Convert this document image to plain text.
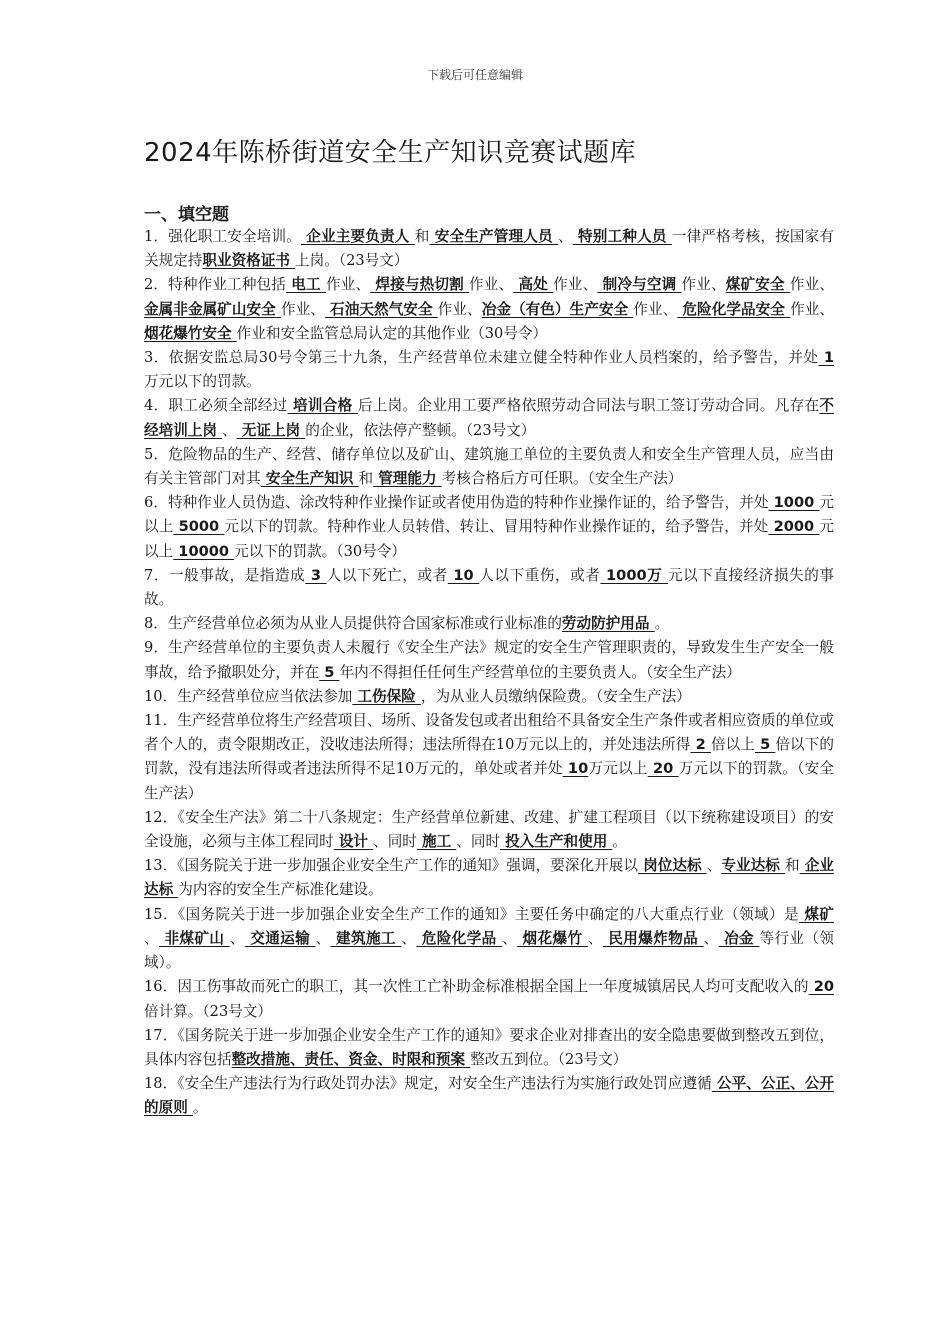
下载后可任意编辑
2024年陈桥街道安全生产知识竞赛试题库
一、填空题

1．强化职工安全培训。 企业主要负责人 和 安全生产管理人员 、 特别工种人员 一律严格考核，按国家有关规定持职业资格证书 上岗。（23号文）

2．特种作业工种包括 电工 作业、 焊接与热切割 作业、 高处 作业、 制冷与空调 作业、煤矿安全 作业、 金属非金属矿山安全 作业、 石油天然气安全 作业、冶金（有色）生产安全 作业、 危险化学品安全 作业、 烟花爆竹安全 作业和安全监管总局认定的其他作业（30号令）

3．依据安监总局30号令第三十九条，生产经营单位未建立健全特种作业人员档案的，给予警告，并处 1 万元以下的罚款。

4．职工必须全部经过 培训合格 后上岗。企业用工要严格依照劳动合同法与职工签订劳动合同。凡存在不经培训上岗 、 无证上岗 的企业，依法停产整顿。（23号文）

5．危险物品的生产、经营、储存单位以及矿山、建筑施工单位的主要负责人和安全生产管理人员，应当由有关主管部门对其 安全生产知识 和 管理能力 考核合格后方可任职。（安全生产法）

6．特种作业人员伪造、涂改特种作业操作证或者使用伪造的特种作业操作证的，给予警告，并处 1000 元以上 5000 元以下的罚款。特种作业人员转借、转让、冒用特种作业操作证的，给予警告，并处 2000 元以上 10000 元以下的罚款。（30号令）

7．一般事故，是指造成 3 人以下死亡，或者 10 人以下重伤，或者 1000万 元以下直接经济损失的事故。

8．生产经营单位必须为从业人员提供符合国家标准或行业标准的劳动防护用品 。

9．生产经营单位的主要负责人未履行《安全生产法》规定的安全生产管理职责的，导致发生生产安全一般事故，给予撤职处分，并在 5 年内不得担任任何生产经营单位的主要负责人。（安全生产法）

10．生产经营单位应当依法参加 工伤保险 ，为从业人员缴纳保险费。（安全生产法）

11．生产经营单位将生产经营项目、场所、设备发包或者出租给不具备安全生产条件或者相应资质的单位或者个人的，责令限期改正，没收违法所得；违法所得在10万元以上的，并处违法所得 2 倍以上 5 倍以下的罚款，没有违法所得或者违法所得不足10万元的，单处或者并处 10万元以上 20 万元以下的罚款。（安全生产法）

12．《安全生产法》第二十八条规定：生产经营单位新建、改建、扩建工程项目（以下统称建设项目）的安全设施，必须与主体工程同时 设计 、同时 施工 、同时 投入生产和使用 。

13．《国务院关于进一步加强企业安全生产工作的通知》强调，要深化开展以 岗位达标 、专业达标 和 企业达标 为内容的安全生产标准化建设。

15．《国务院关于进一步加强企业安全生产工作的通知》主要任务中确定的八大重点行业（领域）是 煤矿 、 非煤矿山 、 交通运输 、 建筑施工 、 危险化学品 、 烟花爆竹 、 民用爆炸物品 、 冶金 等行业（领域）。

16．因工伤事故而死亡的职工，其一次性工亡补助金标准根据全国上一年度城镇居民人均可支配收入的 20 倍计算。（23号文）

17．《国务院关于进一步加强企业安全生产工作的通知》要求企业对排查出的安全隐患要做到整改五到位，具体内容包括整改措施、责任、资金、时限和预案 整改五到位。（23号文）

18．《安全生产违法行为行政处罚办法》规定，对安全生产违法行为实施行政处罚应遵循 公平、公正、公开的原则 。
